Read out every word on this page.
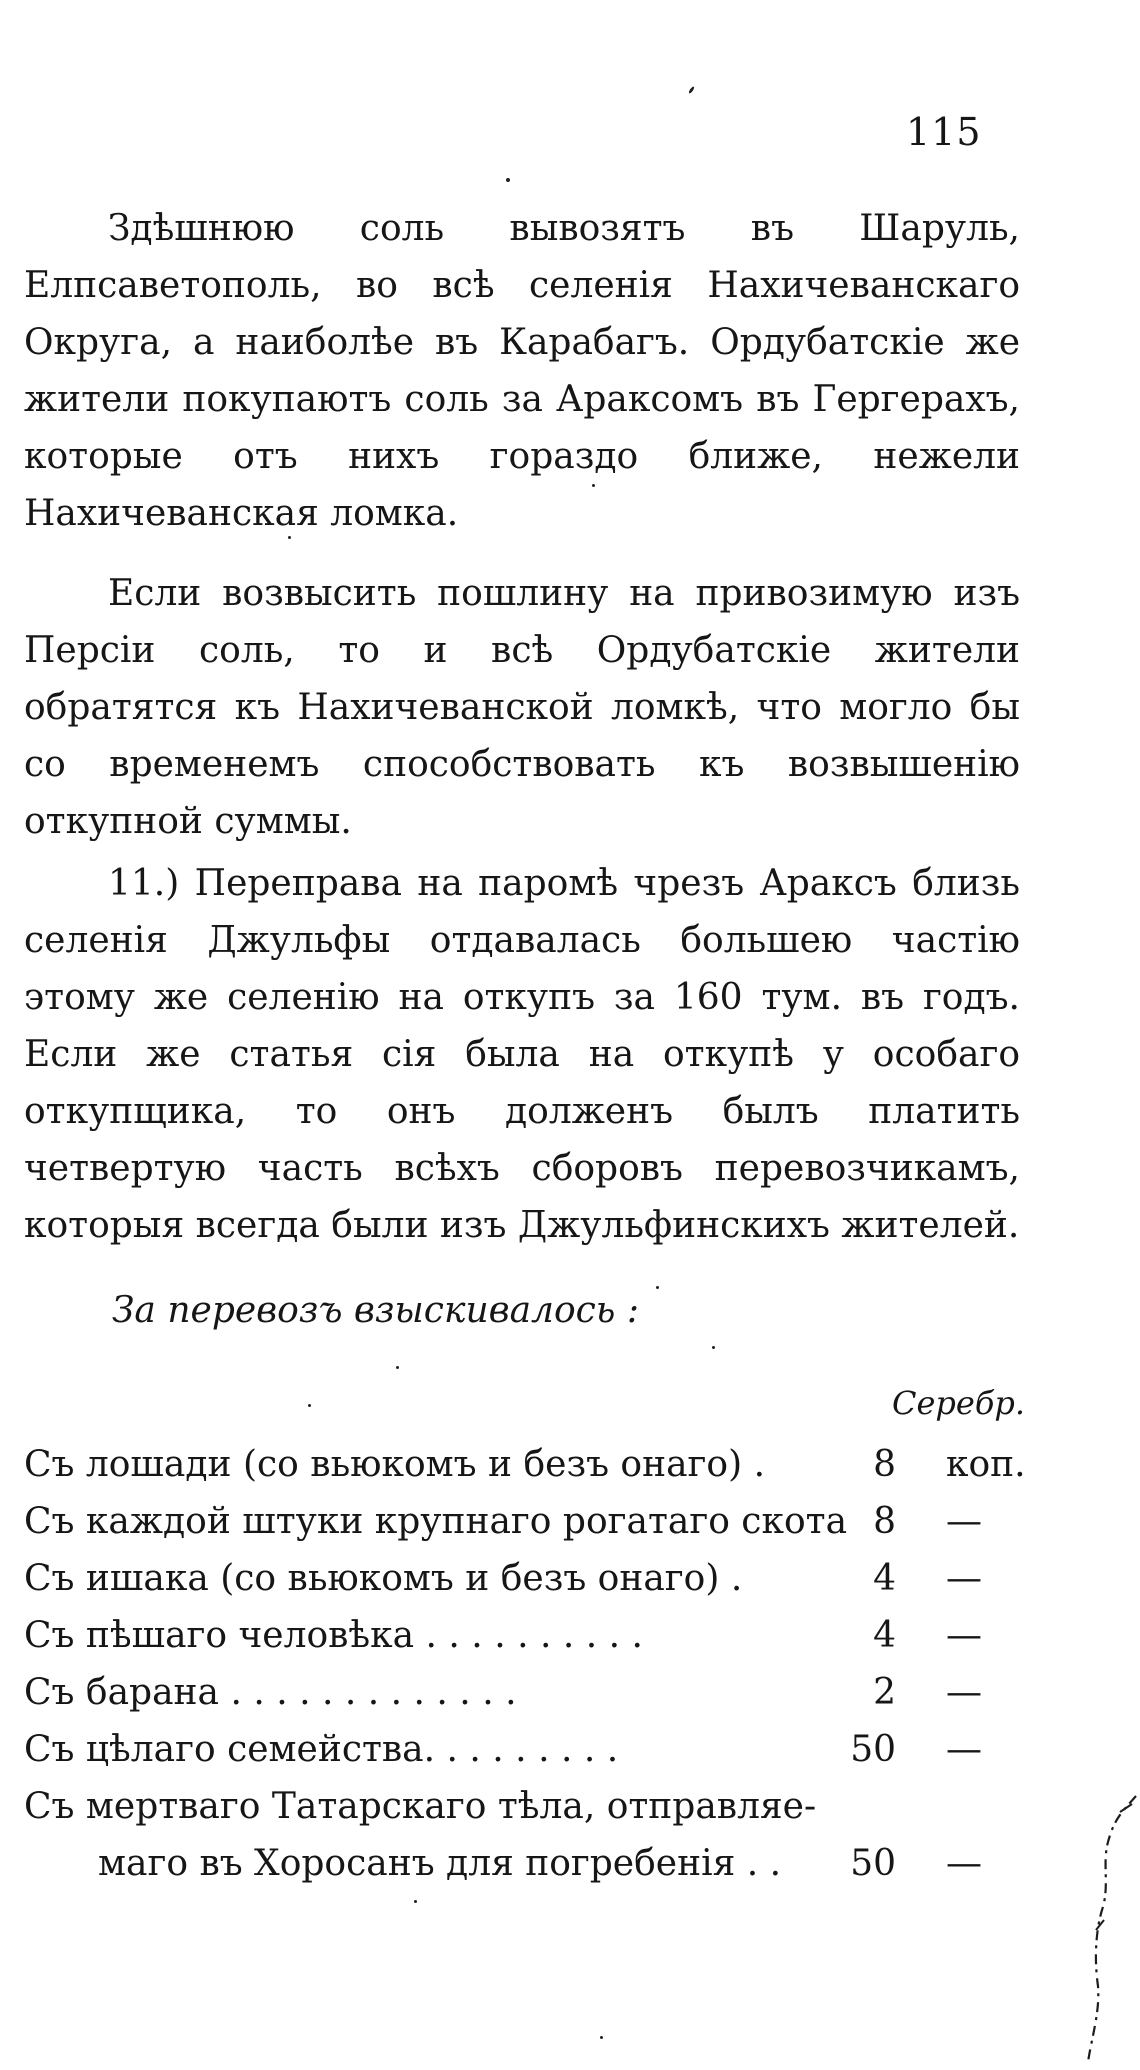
115

Здѣшнюю соль вывозятъ въ Шаруль, Елпсаветополь, во всѣ селенія Нахичеванскаго Округа, а наиболѣе въ Карабагъ. Ордубатскіе же жители покупаютъ соль за Араксомъ въ Гергерахъ, которые отъ нихъ гораздо ближе, нежели Нахичеванская ломка.

Если возвысить пошлину на привозимую изъ Персіи соль, то и всѣ Ордубатскіе жители обратятся къ Нахичеванской ломкѣ, что могло бы со временемъ способствовать къ возвышенію откупной суммы.

11.) Переправа на паромѣ чрезъ Араксъ близь селенія Джульфы отдавалась большею частію этому же селенію на откупъ за 160 тум. въ годъ. Если же статья сія была на откупѣ у особаго откупщика, то онъ долженъ былъ платить четвертую часть всѣхъ сборовъ перевозчикамъ, которыя всегда были изъ Джульфинскихъ жителей.

За перевозъ взыскивалось :
Серебр.
Съ лошади (со вьюкомъ и безъ онаго) .	8 коп.
Съ каждой штуки крупнаго рогатаго скота 8 —
Съ ишака (со вьюкомъ и безъ онаго) .	4 —
Съ пѣшаго человѣка . . . . . . . . . .	4 —
Съ барана . . . . . . . . . . . . .	2 —
Съ цѣлаго семейства. . . . . . . . .	50 —
Съ мертваго Татарскаго тѣла, отправляе-
маго въ Хоросанъ для погребенія . .	50 —
